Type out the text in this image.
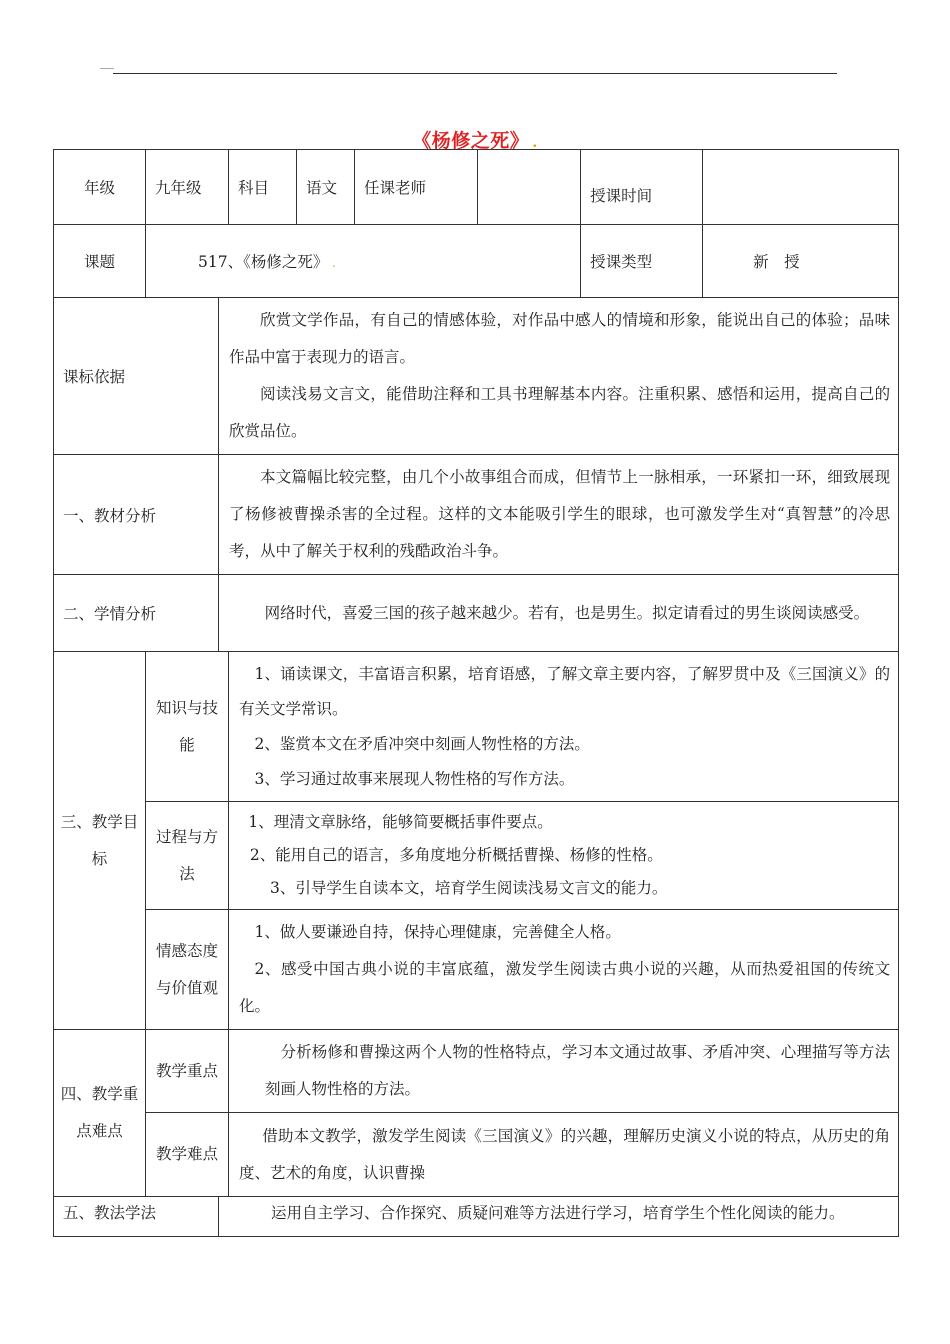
《杨修之死》 .
年级	九年级		科目	语文	任课老师		授课时间	
课题	517、《杨修之死》 .						授课类型	新　授
课标依据		欣赏文学作品，有自己的情感体验，对作品中感人的情境和形象，能说出自己的体验；品味作品中富于表现力的语言。

阅读浅易文言文，能借助注释和工具书理解基本内容。注重积累、感悟和运用，提高自己的欣赏品位。						

一、教材分析		本文篇幅比较完整，由几个小故事组合而成，但情节上一脉相承，一环紧扣一环，细致展现了杨修被曹操杀害的全过程。这样的文本能吸引学生的眼球，也可激发学生对“真智慧”的冷思考，从中了解关于权利的残酷政治斗争。						

二、学情分析		网络时代，喜爱三国的孩子越来越少。若有，也是男生。拟定请看过的男生谈阅读感受。						

三、教学目标	知识与技能		1、诵读课文，丰富语言积累，培育语感，了解文章主要内容，了解罗贯中及《三国演义》的有关文学常识。

2、鉴赏本文在矛盾冲突中刻画人物性格的方法。

3、学习通过故事来展现人物性格的写作方法。					

	过程与方法		1、理清文章脉络，能够简要概括事件要点。

2、能用自己的语言，多角度地分析概括曹操、杨修的性格。

3、引导学生自读本文，培育学生阅读浅易文言文的能力。					

	情感态度与价值观		1、做人要谦逊自持，保持心理健康，完善健全人格。

2、感受中国古典小说的丰富底蕴，激发学生阅读古典小说的兴趣，从而热爱祖国的传统文化。					

四、教学重点难点	教学重点		分析杨修和曹操这两个人物的性格特点，学习本文通过故事、矛盾冲突、心理描写等方法刻画人物性格的方法。					

	教学难点		借助本文教学，激发学生阅读《三国演义》的兴趣，理解历史演义小说的特点，从历史的角度、艺术的角度，认识曹操					

五、教法学法		运用自主学习、合作探究、质疑问难等方法进行学习，培育学生个性化阅读的能力。						
